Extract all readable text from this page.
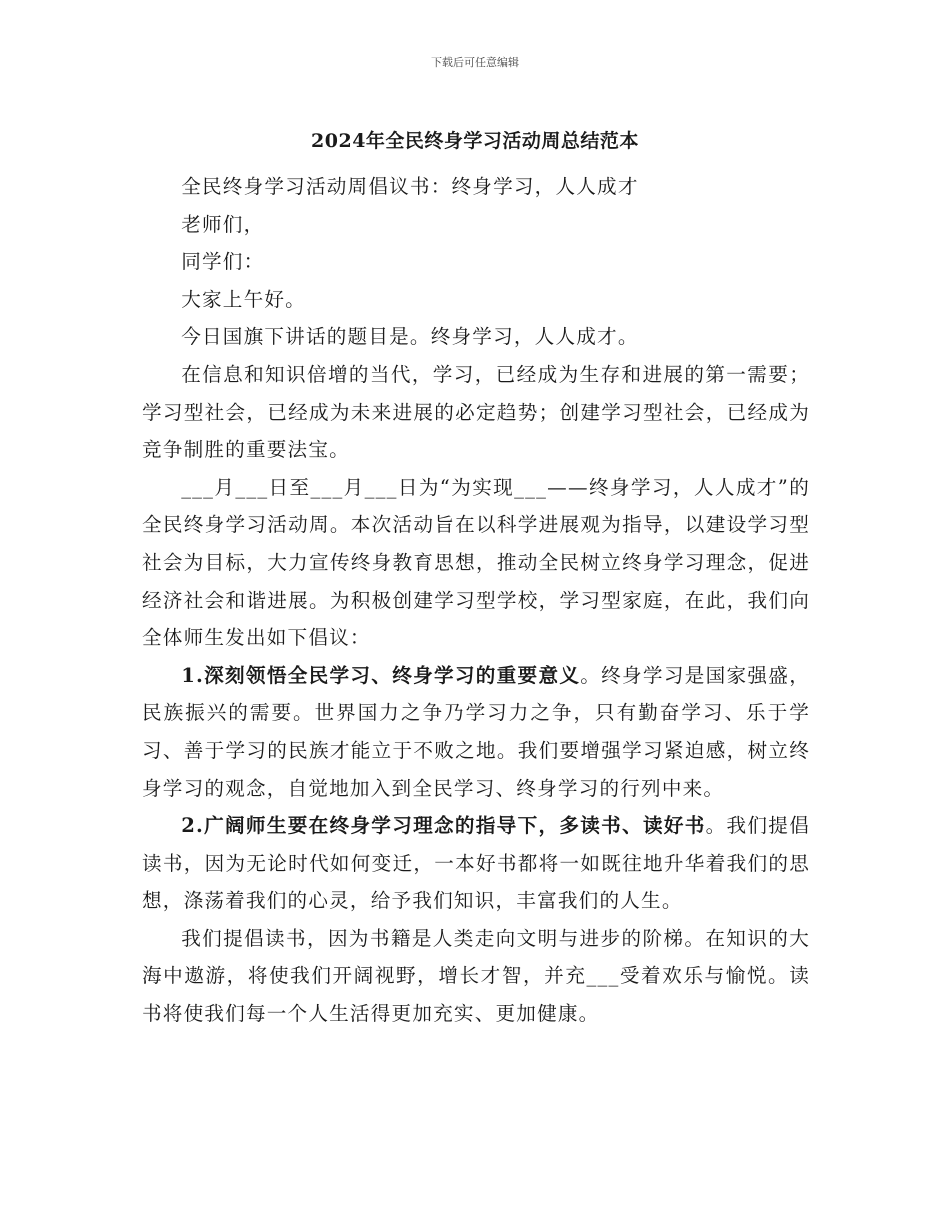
下载后可任意编辑
2024年全民终身学习活动周总结范本

全民终身学习活动周倡议书：终身学习，人人成才

老师们，

同学们：

大家上午好。

今日国旗下讲话的题目是。终身学习，人人成才。

在信息和知识倍增的当代，学习，已经成为生存和进展的第一需要；学习型社会，已经成为未来进展的必定趋势；创建学习型社会，已经成为竞争制胜的重要法宝。

___月___日至___月___日为“为实现___——终身学习，人人成才”的全民终身学习活动周。本次活动旨在以科学进展观为指导，以建设学习型社会为目标，大力宣传终身教育思想，推动全民树立终身学习理念，促进经济社会和谐进展。为积极创建学习型学校，学习型家庭，在此，我们向全体师生发出如下倡议：

1.深刻领悟全民学习、终身学习的重要意义。终身学习是国家强盛，民族振兴的需要。世界国力之争乃学习力之争，只有勤奋学习、乐于学习、善于学习的民族才能立于不败之地。我们要增强学习紧迫感，树立终身学习的观念，自觉地加入到全民学习、终身学习的行列中来。

2.广阔师生要在终身学习理念的指导下，多读书、读好书。我们提倡读书，因为无论时代如何变迁，一本好书都将一如既往地升华着我们的思想，涤荡着我们的心灵，给予我们知识，丰富我们的人生。

我们提倡读书，因为书籍是人类走向文明与进步的阶梯。在知识的大海中遨游，将使我们开阔视野，增长才智，并充___受着欢乐与愉悦。读书将使我们每一个人生活得更加充实、更加健康。
